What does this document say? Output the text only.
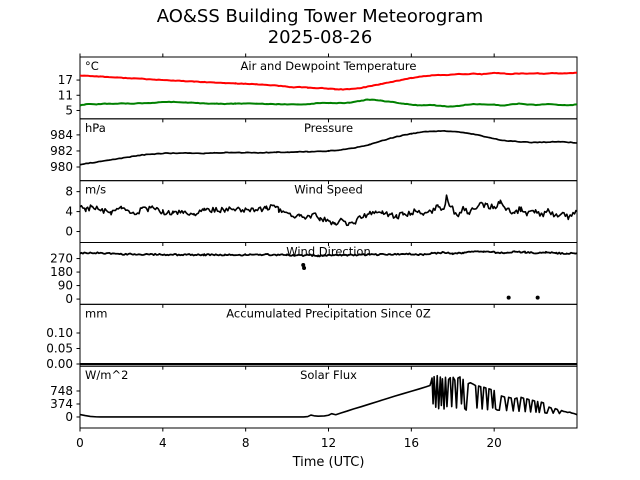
AO&SS Building Tower Meteorogram
2025-08-26
5
11
17
°C	Air and Dewpoint Temperature
980
982
984
hPa	Pressure
0
4
8 m/s	Wind Speed
0
90
180
270
Wind Direction
0.00
0.05
0.10
mm	Accumulated Precipitation Since 0Z
0
374
748
W/m^2	Solar Flux
0	4	8	12	16	20
Time (UTC)
